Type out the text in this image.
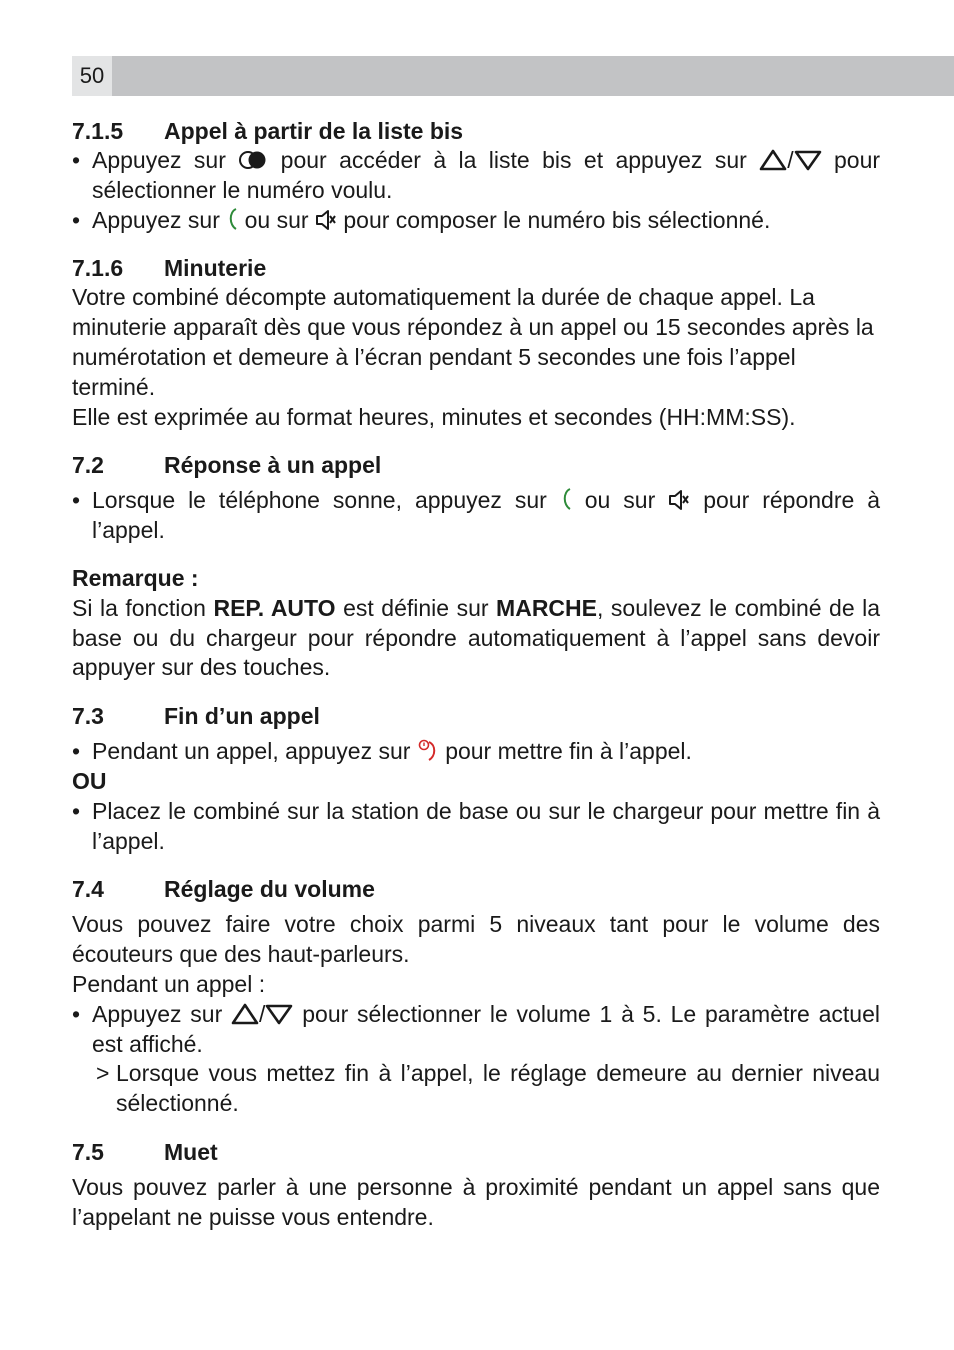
50
7.1.5 Appel à partir de la liste bis
• Appuyez sur pour accéder à la liste bis et appuyez sur / pour sélectionner le numéro voulu.
• Appuyez sur ou sur pour composer le numéro bis sélectionné.
7.1.6 Minuterie

Votre combiné décompte automatiquement la durée de chaque appel. La minuterie apparaît dès que vous répondez à un appel ou 15 secondes après la numérotation et demeure à l’écran pendant 5 secondes une fois l’appel terminé.

Elle est exprimée au format heures, minutes et secondes (HH:MM:SS).

7.2	Réponse à un appel
• Lorsque le téléphone sonne, appuyez sur ou sur pour répondre à l’appel.

Remarque :

Si la fonction REP. AUTO est définie sur MARCHE, soulevez le combiné de la base ou du chargeur pour répondre automatiquement à l’appel sans devoir appuyer sur des touches.

7.3	Fin d’un appel
• Pendant un appel, appuyez sur pour mettre fin à l’appel.

OU

• Placez le combiné sur la station de base ou sur le chargeur pour mettre fin à l’appel.
7.4	Réglage du volume

Vous pouvez faire votre choix parmi 5 niveaux tant pour le volume des écouteurs que des haut-parleurs.

Pendant un appel :

• Appuyez sur / pour sélectionner le volume 1 à 5. Le paramètre actuel est affiché.
> Lorsque vous mettez fin à l’appel, le réglage demeure au dernier niveau sélectionné.
7.5	Muet

Vous pouvez parler à une personne à proximité pendant un appel sans que l’appelant ne puisse vous entendre.
